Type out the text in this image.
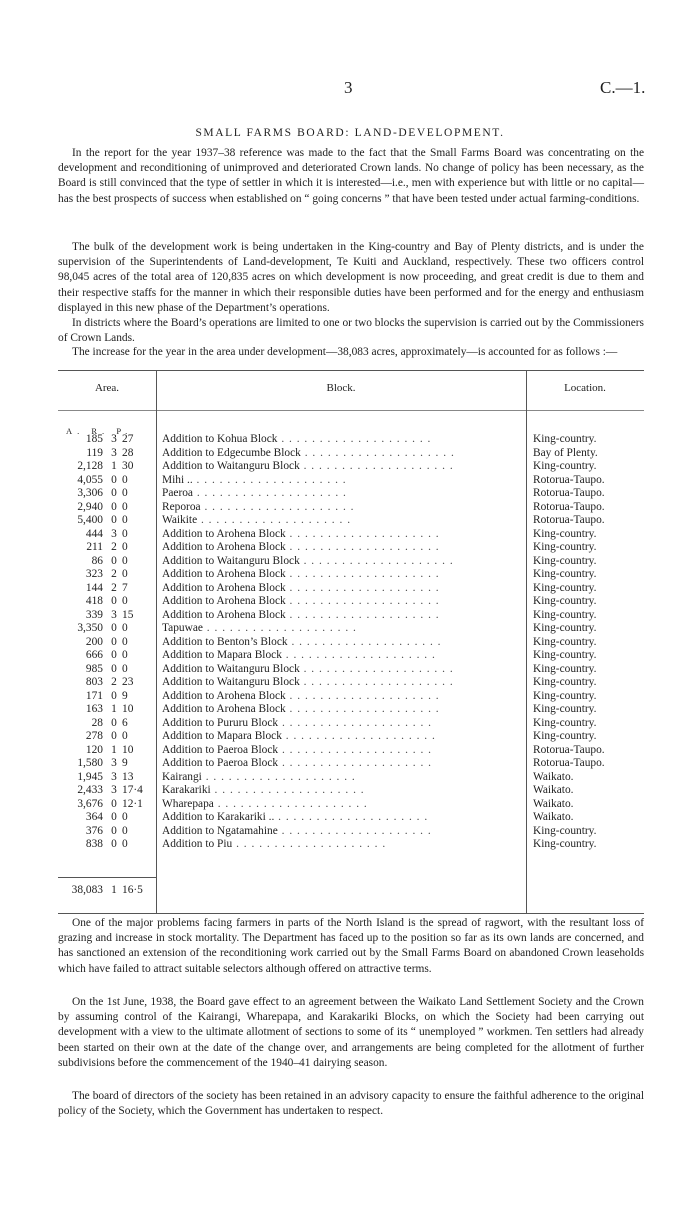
3	C.—1.
SMALL FARMS BOARD: LAND-DEVELOPMENT.

In the report for the year 1937–38 reference was made to the fact that the Small Farms Board was concentrating on the development and reconditioning of unimproved and deteriorated Crown lands. No change of policy has been necessary, as the Board is still convinced that the type of settler in which it is interested—i.e., men with experience but with little or no capital—has the best prospects of success when established on “ going concerns ” that have been tested under actual farming-conditions.

The bulk of the development work is being undertaken in the King-country and Bay of Plenty districts, and is under the supervision of the Superintendents of Land-development, Te Kuiti and Auckland, respectively. These two officers control 98,045 acres of the total area of 120,835 acres on which development is now proceeding, and great credit is due to them and their respective staffs for the manner in which their responsible duties have been performed and for the energy and enthusiasm displayed in this new phase of the Department’s operations.

In districts where the Board’s operations are limited to one or two blocks the supervision is carried out by the Commissioners of Crown Lands.

The increase for the year in the area under development—38,083 acres, approximately—is accounted for as follows :—

Area.	Block.	Location.
A. R. P.
185 3 27	Addition to Kohua Block . .	King-country.
119 3 28	Addition to Edgecumbe Block . .	Bay of Plenty.
2,128 1 30	Addition to Waitanguru Block . .	King-country.
4,055 0 0	Mihi .. . .	Rotorua-Taupo.
3,306 0 0	Paeroa . .	Rotorua-Taupo.
2,940 0 0	Reporoa . .	Rotorua-Taupo.
5,400 0 0	Waikite . .	Rotorua-Taupo.
444 3 0	Addition to Arohena Block . .	King-country.
211 2 0	Addition to Arohena Block . .	King-country.
86 0 0	Addition to Waitanguru Block . .	King-country.
323 2 0	Addition to Arohena Block . .	King-country.
144 2 7	Addition to Arohena Block . .	King-country.
418 0 0	Addition to Arohena Block . .	King-country.
339 3 15	Addition to Arohena Block . .	King-country.
3,350 0 0	Tapuwae . .	King-country.
200 0 0	Addition to Benton’s Block . .	King-country.
666 0 0	Addition to Mapara Block . .	King-country.
985 0 0	Addition to Waitanguru Block . .	King-country.
803 2 23	Addition to Waitanguru Block . .	King-country.
171 0 9	Addition to Arohena Block . .	King-country.
163 1 10	Addition to Arohena Block . .	King-country.
28 0 6	Addition to Pururu Block . .	King-country.
278 0 0	Addition to Mapara Block . .	King-country.
120 1 10	Addition to Paeroa Block . .	Rotorua-Taupo.
1,580 3 9	Addition to Paeroa Block . .	Rotorua-Taupo.
1,945 3 13	Kairangi . .	Waikato.
2,433 3 17·4 Karakariki . .	Waikato.
3,676 0 12·1 Wharepapa . .	Waikato.
364 0 0	Addition to Karakariki .. . .	Waikato.
376 0 0	Addition to Ngatamahine . .	King-country.
838 0 0	Addition to Piu . .	King-country.
38,083 1 16·5

One of the major problems facing farmers in parts of the North Island is the spread of ragwort, with the resultant loss of grazing and increase in stock mortality. The Department has faced up to the position so far as its own lands are concerned, and has sanctioned an extension of the reconditioning work carried out by the Small Farms Board on abandoned Crown leaseholds which have failed to attract suitable selectors although offered on attractive terms.

On the 1st June, 1938, the Board gave effect to an agreement between the Waikato Land Settlement Society and the Crown by assuming control of the Kairangi, Wharepapa, and Karakariki Blocks, on which the Society had been carrying out development with a view to the ultimate allotment of sections to some of its “ unemployed ” workmen. Ten settlers had already been started on their own at the date of the change over, and arrangements are being completed for the allotment of further subdivisions before the commencement of the 1940–41 dairying season.

The board of directors of the society has been retained in an advisory capacity to ensure the faithful adherence to the original policy of the Society, which the Government has undertaken to respect.
